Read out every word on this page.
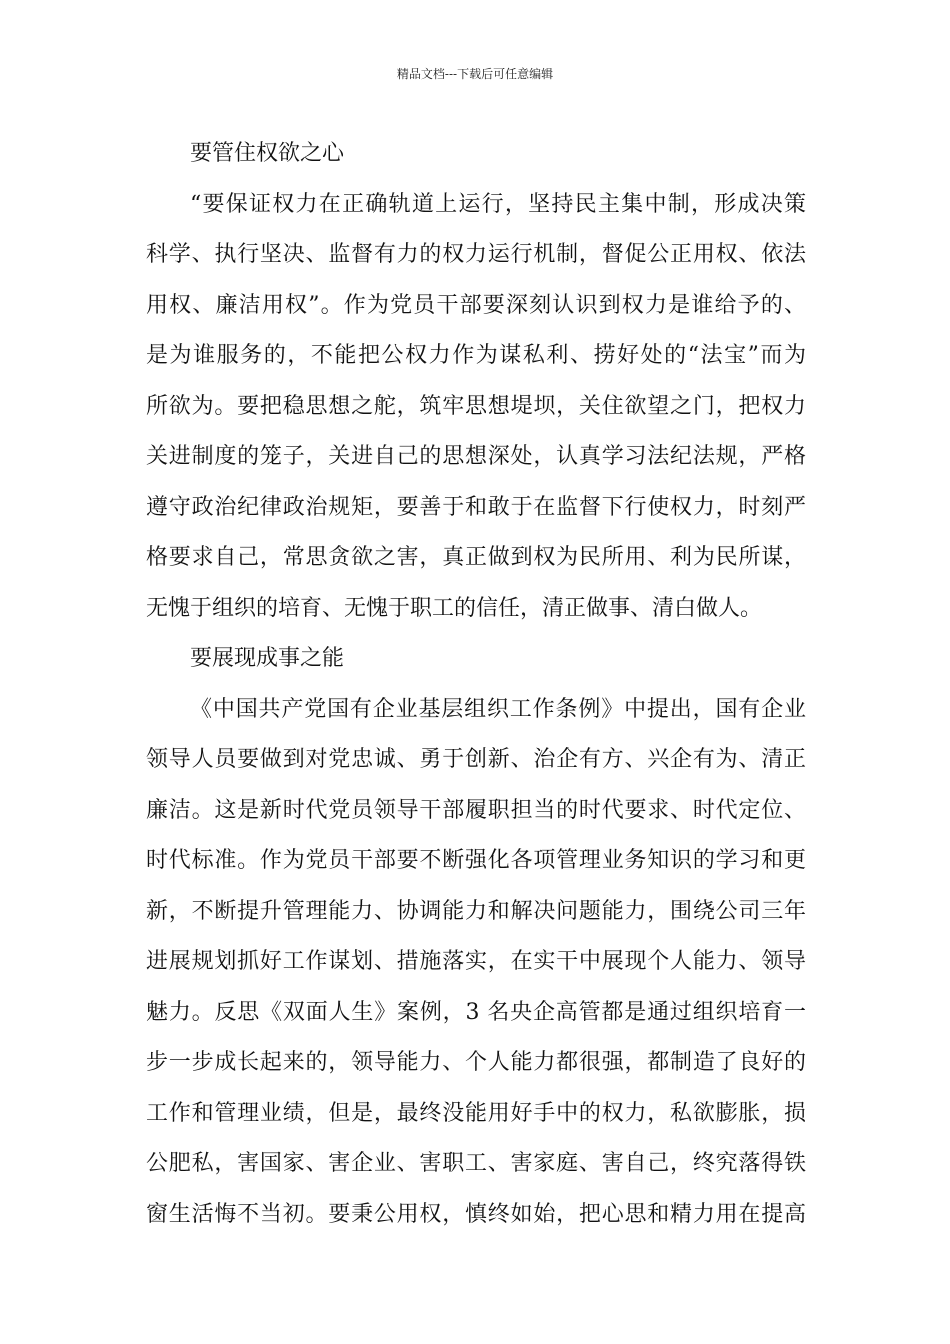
精品文档---下载后可任意编辑
要管住权欲之心
“要保证权力在正确轨道上运行，坚持民主集中制，形成决策
科学、执行坚决、监督有力的权力运行机制，督促公正用权、依法
用权、廉洁用权”。作为党员干部要深刻认识到权力是谁给予的、
是为谁服务的，不能把公权力作为谋私利、捞好处的“法宝”而为
所欲为。要把稳思想之舵，筑牢思想堤坝，关住欲望之门，把权力
关进制度的笼子，关进自己的思想深处，认真学习法纪法规，严格
遵守政治纪律政治规矩，要善于和敢于在监督下行使权力，时刻严
格要求自己，常思贪欲之害，真正做到权为民所用、利为民所谋，
无愧于组织的培育、无愧于职工的信任，清正做事、清白做人。
要展现成事之能
《中国共产党国有企业基层组织工作条例》中提出，国有企业
领导人员要做到对党忠诚、勇于创新、治企有方、兴企有为、清正
廉洁。这是新时代党员领导干部履职担当的时代要求、时代定位、
时代标准。作为党员干部要不断强化各项管理业务知识的学习和更
新，不断提升管理能力、协调能力和解决问题能力，围绕公司三年
进展规划抓好工作谋划、措施落实，在实干中展现个人能力、领导
魅力。反思《双面人生》案例，3 名央企高管都是通过组织培育一
步一步成长起来的，领导能力、个人能力都很强，都制造了良好的
工作和管理业绩，但是，最终没能用好手中的权力，私欲膨胀，损
公肥私，害国家、害企业、害职工、害家庭、害自己，终究落得铁
窗生活悔不当初。要秉公用权，慎终如始，把心思和精力用在提高
